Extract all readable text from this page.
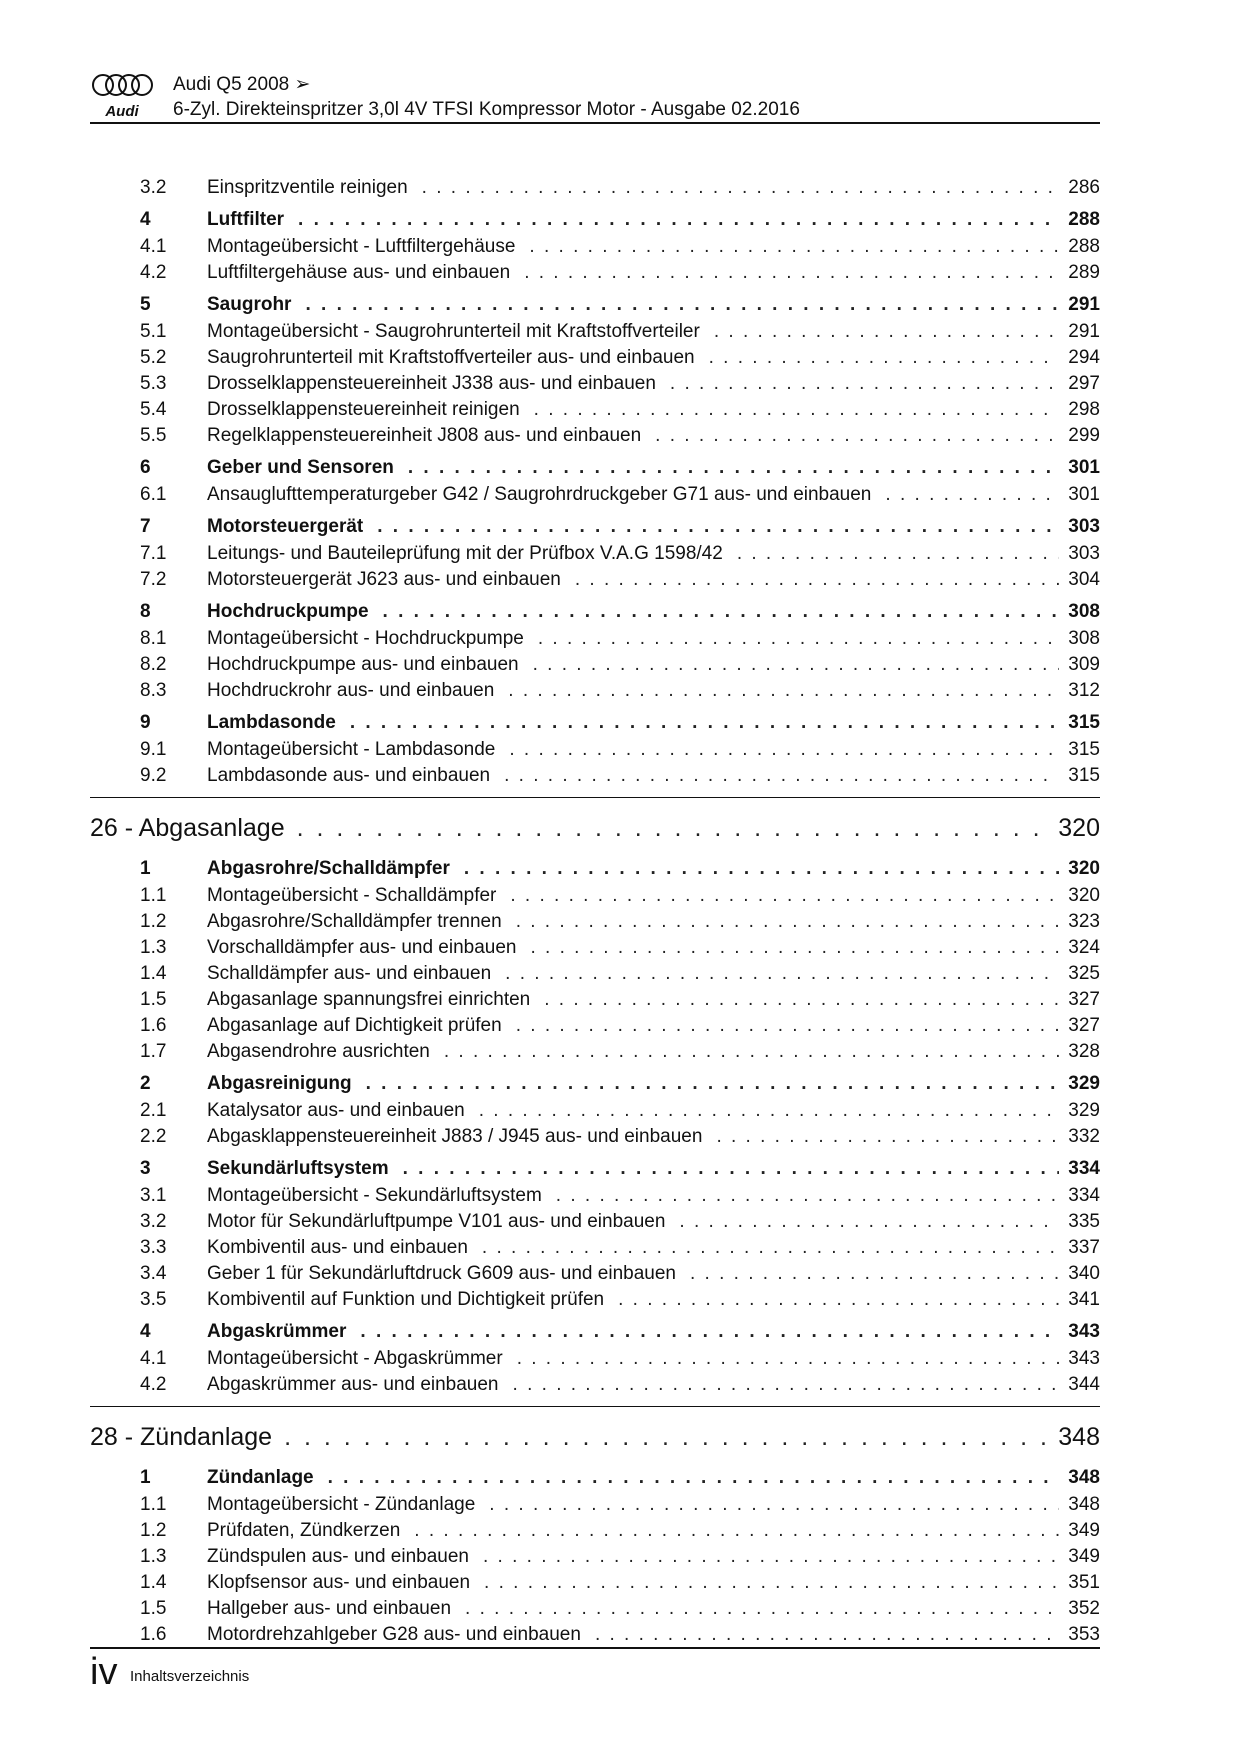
Audi
Audi Q5 2008 ➢
6-Zyl. Direkteinspritzer 3,0l 4V TFSI Kompressor Motor - Ausgabe 02.2016
3.2	Einspritzventile reinigen . . .	286
4	Luftfilter . . .	288
4.1	Montageübersicht - Luftfiltergehäuse . . .	288
4.2	Luftfiltergehäuse aus- und einbauen . . .	289
5	Saugrohr . . .	291
5.1	Montageübersicht - Saugrohrunterteil mit Kraftstoffverteiler . . .	291
5.2	Saugrohrunterteil mit Kraftstoffverteiler aus- und einbauen . . .	294
5.3	Drosselklappensteuereinheit J338 aus- und einbauen . . .	297
5.4	Drosselklappensteuereinheit reinigen . . .	298
5.5	Regelklappensteuereinheit J808 aus- und einbauen . . .	299
6	Geber und Sensoren . . .	301
6.1	Ansauglufttemperaturgeber G42 / Saugrohrdruckgeber G71 aus- und einbauen . . .	301
7	Motorsteuergerät . . .	303
7.1	Leitungs- und Bauteileprüfung mit der Prüfbox V.A.G 1598/42 . . .	303
7.2	Motorsteuergerät J623 aus- und einbauen . . .	304
8	Hochdruckpumpe . . .	308
8.1	Montageübersicht - Hochdruckpumpe . . .	308
8.2	Hochdruckpumpe aus- und einbauen . . .	309
8.3	Hochdruckrohr aus- und einbauen . . .	312
9	Lambdasonde . . .	315
9.1	Montageübersicht - Lambdasonde . . .	315
9.2	Lambdasonde aus- und einbauen . . .	315
26 - Abgasanlage . . .	320
1	Abgasrohre/Schalldämpfer . . .	320
1.1	Montageübersicht - Schalldämpfer . . .	320
1.2	Abgasrohre/Schalldämpfer trennen . . .	323
1.3	Vorschalldämpfer aus- und einbauen . . .	324
1.4	Schalldämpfer aus- und einbauen . . .	325
1.5	Abgasanlage spannungsfrei einrichten . . .	327
1.6	Abgasanlage auf Dichtigkeit prüfen . . .	327
1.7	Abgasendrohre ausrichten . . .	328
2	Abgasreinigung . . .	329
2.1	Katalysator aus- und einbauen . . .	329
2.2	Abgasklappensteuereinheit J883 / J945 aus- und einbauen . . .	332
3	Sekundärluftsystem . . .	334
3.1	Montageübersicht - Sekundärluftsystem . . .	334
3.2	Motor für Sekundärluftpumpe V101 aus- und einbauen . . .	335
3.3	Kombiventil aus- und einbauen . . .	337
3.4	Geber 1 für Sekundärluftdruck G609 aus- und einbauen . . .	340
3.5	Kombiventil auf Funktion und Dichtigkeit prüfen . . .	341
4	Abgaskrümmer . . .	343
4.1	Montageübersicht - Abgaskrümmer . . .	343
4.2	Abgaskrümmer aus- und einbauen . . .	344
28 - Zündanlage . . .	348
1	Zündanlage . . .	348
1.1	Montageübersicht - Zündanlage . . .	348
1.2	Prüfdaten, Zündkerzen . . .	349
1.3	Zündspulen aus- und einbauen . . .	349
1.4	Klopfsensor aus- und einbauen . . .	351
1.5	Hallgeber aus- und einbauen . . .	352
1.6	Motordrehzahlgeber G28 aus- und einbauen . . .	353
iv Inhaltsverzeichnis
